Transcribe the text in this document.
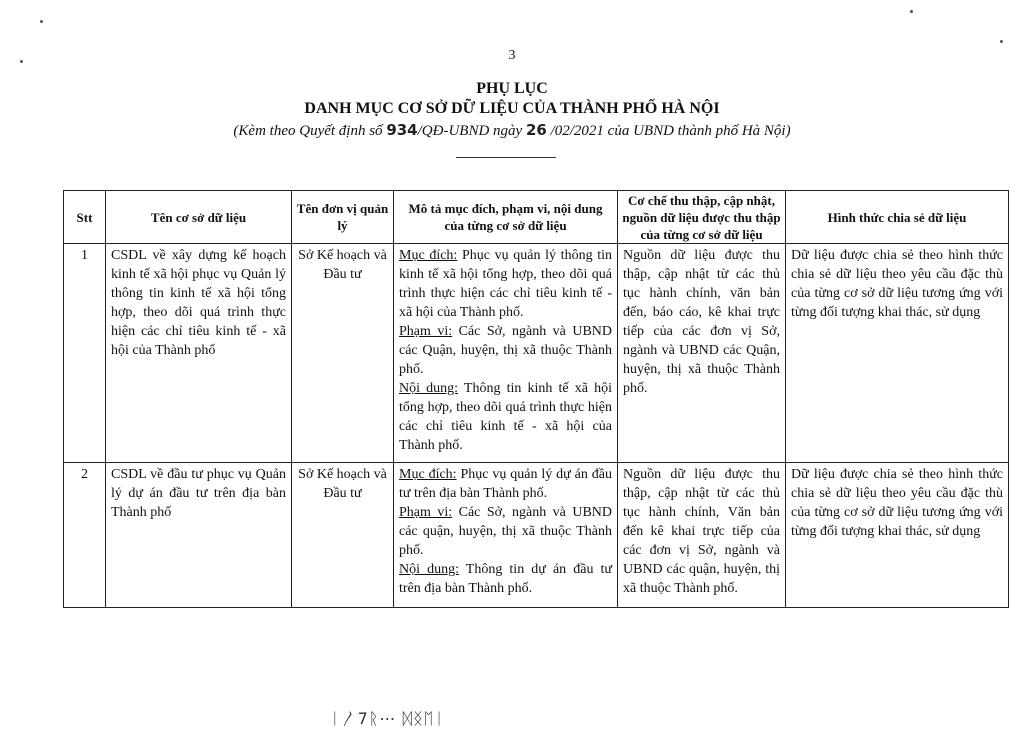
3
PHỤ LỤC
DANH MỤC CƠ SỞ DỮ LIỆU CỦA THÀNH PHỐ HÀ NỘI
(Kèm theo Quyết định số 934/QĐ-UBND ngày 26 /02/2021 của UBND thành phố Hà Nội)
Stt	Tên cơ sở dữ liệu	Tên đơn vị quản lý	Mô tả mục đích, phạm vi, nội dung của từng cơ sở dữ liệu	Cơ chế thu thập, cập nhật, nguồn dữ liệu được thu thập của từng cơ sở dữ liệu	Hình thức chia sẻ dữ liệu
1	CSDL về xây dựng kế hoạch kinh tế xã hội phục vụ Quản lý thông tin kinh tế xã hội tổng hợp, theo dõi quá trình thực hiện các chỉ tiêu kinh tế - xã hội của Thành phố	Sở Kế hoạch và Đầu tư	Mục đích: Phục vụ quản lý thông tin kinh tế xã hội tổng hợp, theo dõi quá trình thực hiện các chỉ tiêu kinh tế - xã hội của Thành phố.
Phạm vi: Các Sở, ngành và UBND các Quận, huyện, thị xã thuộc Thành phố.
Nội dung: Thông tin kinh tế xã hội tổng hợp, theo dõi quá trình thực hiện các chỉ tiêu kinh tế - xã hội của Thành phố.	Nguồn dữ liệu được thu thập, cập nhật từ các thủ tục hành chính, văn bản đến, báo cáo, kê khai trực tiếp của các đơn vị Sở, ngành và UBND các Quận, huyện, thị xã thuộc Thành phố.	Dữ liệu được chia sẻ theo hình thức chia sẻ dữ liệu theo yêu cầu đặc thù của từng cơ sở dữ liệu tương ứng với từng đối tượng khai thác, sử dụng
2	CSDL về đầu tư phục vụ Quản lý dự án đầu tư trên địa bàn Thành phố	Sở Kế hoạch và Đầu tư	Mục đích: Phục vụ quản lý dự án đầu tư trên địa bàn Thành phố.
Phạm vi: Các Sở, ngành và UBND các quận, huyện, thị xã thuộc Thành phố.
Nội dung: Thông tin dự án đầu tư trên địa bàn Thành phố.	Nguồn dữ liệu được thu thập, cập nhật từ các thủ tục hành chính, Văn bản đến kê khai trực tiếp của các đơn vị Sở, ngành và UBND các quận, huyện, thị xã thuộc Thành phố.	Dữ liệu được chia sẻ theo hình thức chia sẻ dữ liệu theo yêu cầu đặc thù của từng cơ sở dữ liệu tương ứng với từng đối tượng khai thác, sử dụng
ᛁ〳7ᚱ⋯ ᛞᛝᛖᛁ
